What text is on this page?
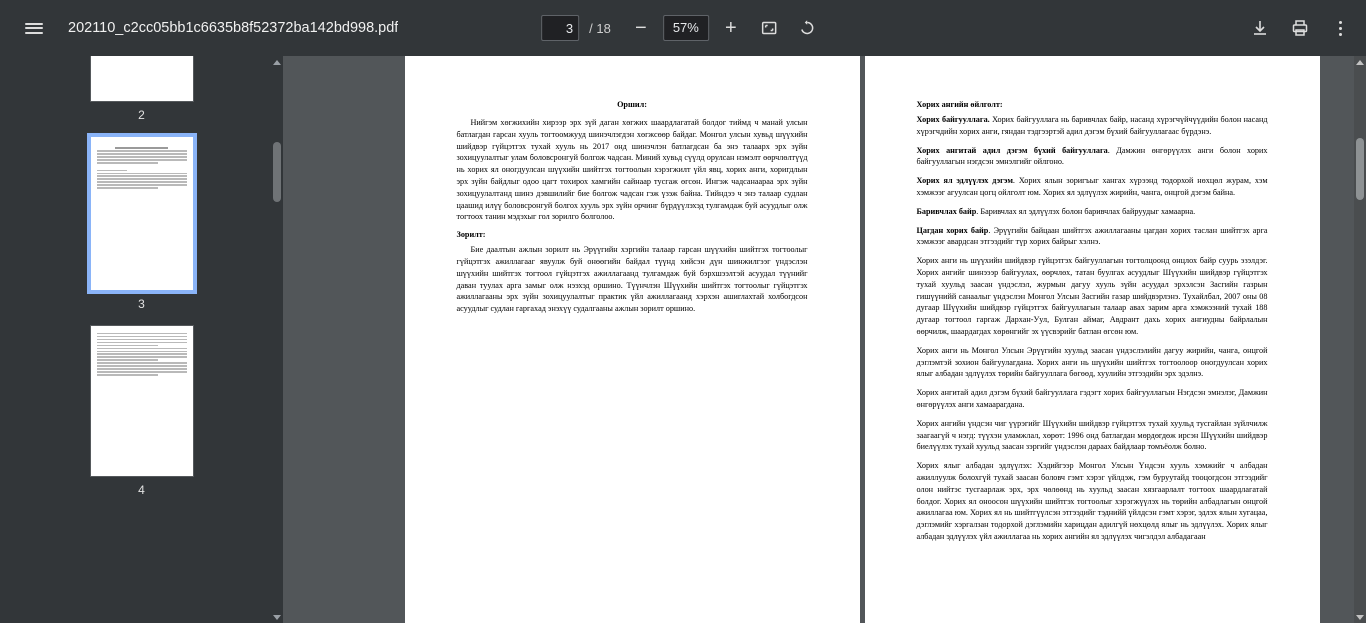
202110_c2cc05bb1c6635b8f52372ba142bd998.pdf
3	/ 18	−	57%	+
2
3
4
Оршил:
Нийгэм хөгжихийн хирээр эрх зүй даган хөгжих шаардлагатай болдог тиймд ч манай улсын батлагдан гарсан хууль тогтоомжууд шинэчлэгдэн хөгжсөөр байдаг. Монгол улсын хувьд шүүхийн шийдвэр гүйцэтгэх тухай хууль нь 2017 онд шинэчлэн батлагдсан ба энэ талаарх эрх зүйн зохицуулалтыг улам боловсронгуй болгож чадсан. Миний хувьд сүүлд орулсан нэмэлт өөрчлөлтүүд нь хорих ял оногдуулсан шүүхийн шийтгэх тогтоолын хэрэгжилт үйл явц, хорих анги, хоригдлын эрх зүйн байдлыг одоо цагт тохирох хамгийн сайнаар тусгаж өгсөн. Ингэж чадсанаараа эрх зүйн зохицуулалтанд шинэ дэвшилийг бие болгож чадсан гэж үзэж байна. Тийндээ ч энэ талаар судлан цаашид илүү боловсронгуй болгох хууль эрх зүйн орчинг бүрдүүлэхэд тулгамдаж буй асуудлыг олж тогтоох танин мэдэхыг гол зорилго болголоо.
Зорилт:
Бие даалтын ажлын зорилт нь Эрүүгийн хэргийн талаар гарсан шүүхийн шийтгэх тогтоолыг гүйцэтгэх ажиллагааг явуулж буй онөөгийн байдал түүнд хийсэн дүн шинжилгээг үндэслэн шүүхийн шийтгэх тогтоол гүйцэтгэх ажиллагаанд тулгамдаж буй бэрхшээлтэй асуудал түүнийг даван туулах арга замыг олж нээхэд оршино. Түүнчлэн Шүүхийн шийтгэх тогтоолыг гүйцэтгэх ажиллагааны эрх зүйн зохицуулалтыг практик үйл ажиллагаанд хэрхэн ашиглахтай холбогдсон асуудлыг судлан гаргаxад энэхүү судалгааны ажлын зорилт оршино.
Хорих ангийн өйлголт:
Хорих байгууллага. Хорих байгууллага нь баривчлах байр, насанд хүрэгчүйчүүдийн болон насанд хүрэгчдийн хорих анги, гяндан тэдгээртэй адил дэгэм бүхий байгууллагаас бүрдэнэ.
Хорих ангитай адил дэгэм бүхий байгууллага. Дамжин өнгөрүүлэх анги болон хорих байгууллагын нэгдсэн эмнэлгийг ойлгоно.
Хорих ял эдлүүлэх дэгэм. Хорих ялын зоригъыг хангах хүрээнд тодорхой нөхцөл журам, хэм хэмжээг агуулсан цогц ойлголт юм. Хорих ял эдлүүлэх жирийн, чанга, онцгой дэгэм байна.
Баривчлах байр. Баривчлах ял эдлүүлэх болон баривчлах байруудыг хамаарна.
Цагдан хорих байр. Эрүүгийн байцаан шийтгэх ажиллагааны цагдан хорих таслан шийтгэх арга хэмжээг авардсан этгээдийг түр хорих байрыг хэлнэ.
Хорих анги нь шүүхийн шийдвэр гүйцэтгэх байгууллагын тогтолцоонд онцлох байр суурь эзэлдэг. Хорих ангийг шинэээр байгуулах, өөрчлөх, татан буулгах асуудлыг Шүүхийн шийдвэр гүйцэтгэх тухай хуульд заасан үндэслэл, журмын дагуу хууль зүйн асуудал эрхэлсэн Засгийн газрын гишүүнийй санаалыг үндэслэн Монгол Улсын Засгийн газар шийдвэрлэнэ. Тухайлбал, 2007 оны 08 дугаар Шүүхийн шийдвэр гүйцэтгэх байгууллагын талаар авах зарим арга хэмжээний тухай 188 дугаар тогтоол гаргаж Дархан-Уул, Булган аймаг, Авдрант дахь хорих ангиудны байрлалын өөрчилж, шаардагдах хөрөнгийг эх үүсвэрийг батлан өгсөн юм.
Хорих анги нь Монгол Улсын Эрүүгийн хуульд заасан үндэслэлийн дагуу жирийн, чанга, онцгой дэглэмтэй зохион байгуулагдана. Хорих анги нь шүүхийн шийтгэх тогтоолоор оногдуулсан хорих ялыг албадан эдлүүлэх төрийн байгууллага бөгөөд, хуулийн этгээдийн эрх эдэлнэ.
Хорих ангитай адил дэгэм бүхий байгууллага гэдэгт хорих байгууллагын Нэгдсэн эмнэлэг, Дамжин өнгөрүүлэх анги хамаарагдана.
Хорих ангийн үндсэн чиг үүрэгийг Шүүхийн шийдвэр гүйцэтгэх тухай хуульд тусгайлан зүйлчилж заагаагүй ч нэгд: түүхэн уламжлал, хөрөт: 1996 онд батлагдан мөрдөгдөж ирсэн Шүүхийн шийдвэр биелүүлэх тухай хуульд заасан зэргийг үндэслэн дараах байдлаар томъёолж болно.
Хорих ялыг албадан эдлүүлэх: Хэдийгээр Монгол Улсын Үндсэн хууль хэмжийг ч албадан ажиллуулж болохгүй тухай заасан боловч гэмт хэрэг үйлдэж, гэм буруутайд тооцогдсон этгээдийг олон нийтэс тусгаарлаж эрх, эрх чөлөөнд нь хуульд заасан хязгаарлалт тогтоох шаардлагатай болдог. Хорих ял оноосон шүүхийн шийтгэх тогтоолыг хэрэгжүүлэх нь төрийн албадлагын онцгой ажиллагаа юм. Хорих ял нь шийтгүүлсэн этгээдийг тэднийй үйлдсэн гэмт хэрэг, эдлэх ялын хугацаа, дэглэмийг хэргалзан тодорхой дэглэмийн харицдан адилгүй нөхцөлд ялыг нь эдлүүлэх. Хорих ялыг албадан эдлүүлэх үйл ажиллагаа нь хорих ангийн ял эдлүүлэх чигэлдэл албадагаан
